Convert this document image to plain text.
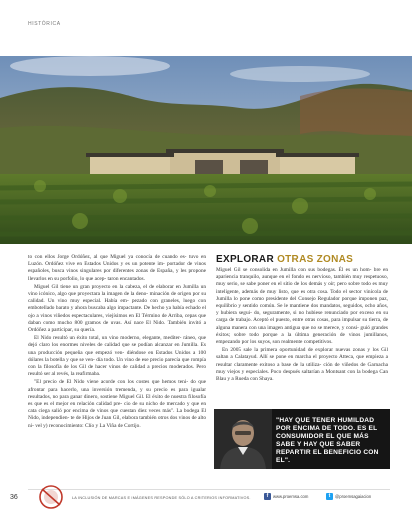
HISTÓRICA

to con ellos Jorge Ordóñez, al que Miguel ya conocía de cuando es- tuvo en Luzón. Ordóñez vive en Estados Unidos y es un potente im- portador de vinos españoles, busca vinos singulares por diferentes zonas de España, y les propone llevarlos en su porfolio, lo que acep- taron encantados.

Miguel Gil tiene un gran proyecto en la cabeza, el de elaborar en Jumilla un vino icónico, algo que proyectara la imagen de la deno- minación de origen por su calidad. Un vino muy especial. Había em- pezado con graneles, luego con embotellado barato y ahora buscaba algo impactante. De hecho ya había echado el ojo a vinos viñedos espectaculares, viejísimos en El Término de Arriba, cepas que daban como mucho 800 gramos de uvas. Así nace El Nido. También invitó a Ordóñez a participar, su quería.

El Nido resultó un éxito total, un vino moderno, elegante, mediter- ráneo, que dejó claro los enormes niveles de calidad que se podían alcanzar en Jumilla. Es una producción pequeña que empezó ven- diéndose en Estados Unidos a 100 dólares la botella y que se ven- día todo. Un vino de ese precio parecía que rompía con la filosofía de los Gil de hacer vinos de calidad a precios moderados. Pero resultó ser al revés, la reafirmaba.

"El precio de El Nido viene acorde con los costes que hemos teni- do que afrontar para hacerlo, una inversión tremenda, y su precio es para igualar resultados, no para ganar dinero, sostiene Miguel Gil. El éxito de nuestra filosofía es que es el mejor en relación calidad pre- cio de su nicho de mercado y que en cata ciega salió por encima de vinos que cuestan diez veces más". La bodega El Nido, independien- te de Hijos de Juan Gil, elabora también otros dos vinos de alto ni- vel y) reconocimiento: Clío y La Viña de Cortijo.

EXPLORAR OTRAS ZONAS

Miguel Gil se consolida en Jumilla con sus bodegas. Él es un hom- bre en apariencia tranquilo, aunque en el fondo es nervioso, también muy respetuoso, muy serio, se sabe poner en el sitio de los demás y oír; pero sobre todo es muy inteligente, además de muy listo, que es otra cosa. Todo el sector vinícola de Jumilla lo pone como presidente del Consejo Regulador porque imponen paz, equilibrio y sentido común. Se le mantiene dos mandatos, seguidos, ocho años, y hubiera segui- do, seguramente, si no hubiese renunciado por exceso en su carga de trabajo. Aceptó el puesto, entre otras cosas, para impulsar su tierra, de alguna manera con una imagen antigua que no se merece, y consi- guió grandes éxitos; sobre todo porque a la última generación de vinos jumillanos, empezando por los suyos, son realmente competitivos.

En 2005 sale la primera oportunidad de explorar nuevas zonas y los Gil saltan a Calatayud. Allí se pone en marcha el proyecto Atteca, que empieza a resultar claramente exitoso a base de la utiliza- ción de viñedos de Garnacha muy viejos y especiales. Poco después saltarían a Montsant con la bodega Can Blau y a Rueda con Shaya.

"HAY QUE TENER HUMILDAD POR ENCIMA DE TODO. ES EL CONSUMIDOR EL QUE MÁS SABE Y HAY QUE SABER REPARTIR EL BENEFICIO CON EL".
36	LA INCLUSIÓN DE MARCAS E IMÁGENES RESPONDE SÓLO A CRITERIOS INFORMATIVOS.	f	www.proemsa.com	t	@proemsagaiacion
